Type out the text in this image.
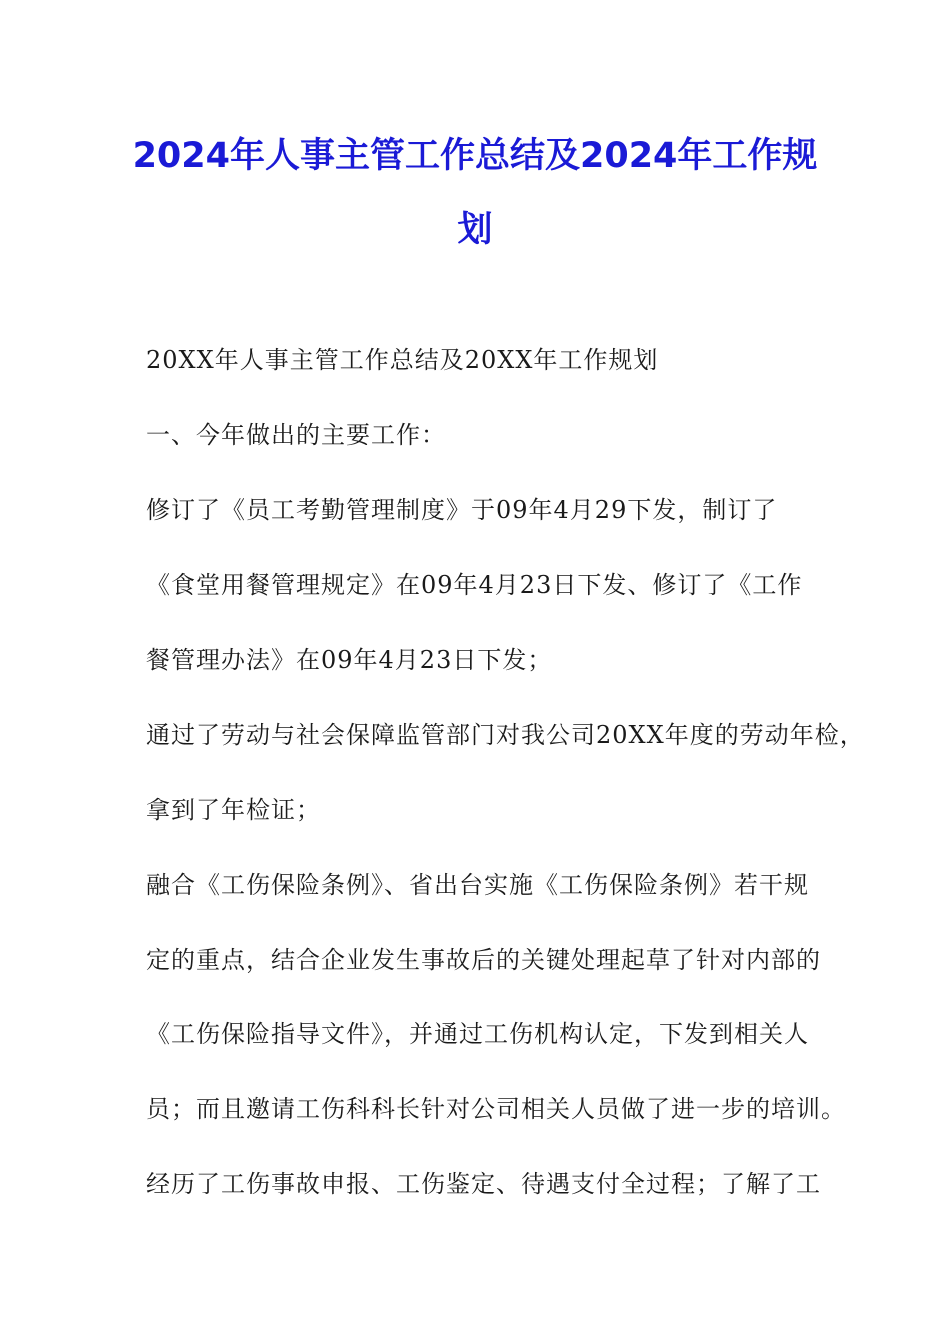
2024年人事主管工作总结及2024年工作规
划
20XX年人事主管工作总结及20XX年工作规划
一、今年做出的主要工作：
修订了《员工考勤管理制度》于09年4月29下发，制订了
《食堂用餐管理规定》在09年4月23日下发、修订了《工作
餐管理办法》在09年4月23日下发；
通过了劳动与社会保障监管部门对我公司20XX年度的劳动年检，
拿到了年检证；
融合《工伤保险条例》、省出台实施《工伤保险条例》若干规
定的重点，结合企业发生事故后的关键处理起草了针对内部的
《工伤保险指导文件》，并通过工伤机构认定，下发到相关人
员；而且邀请工伤科科长针对公司相关人员做了进一步的培训。
经历了工伤事故申报、工伤鉴定、待遇支付全过程；了解了工
